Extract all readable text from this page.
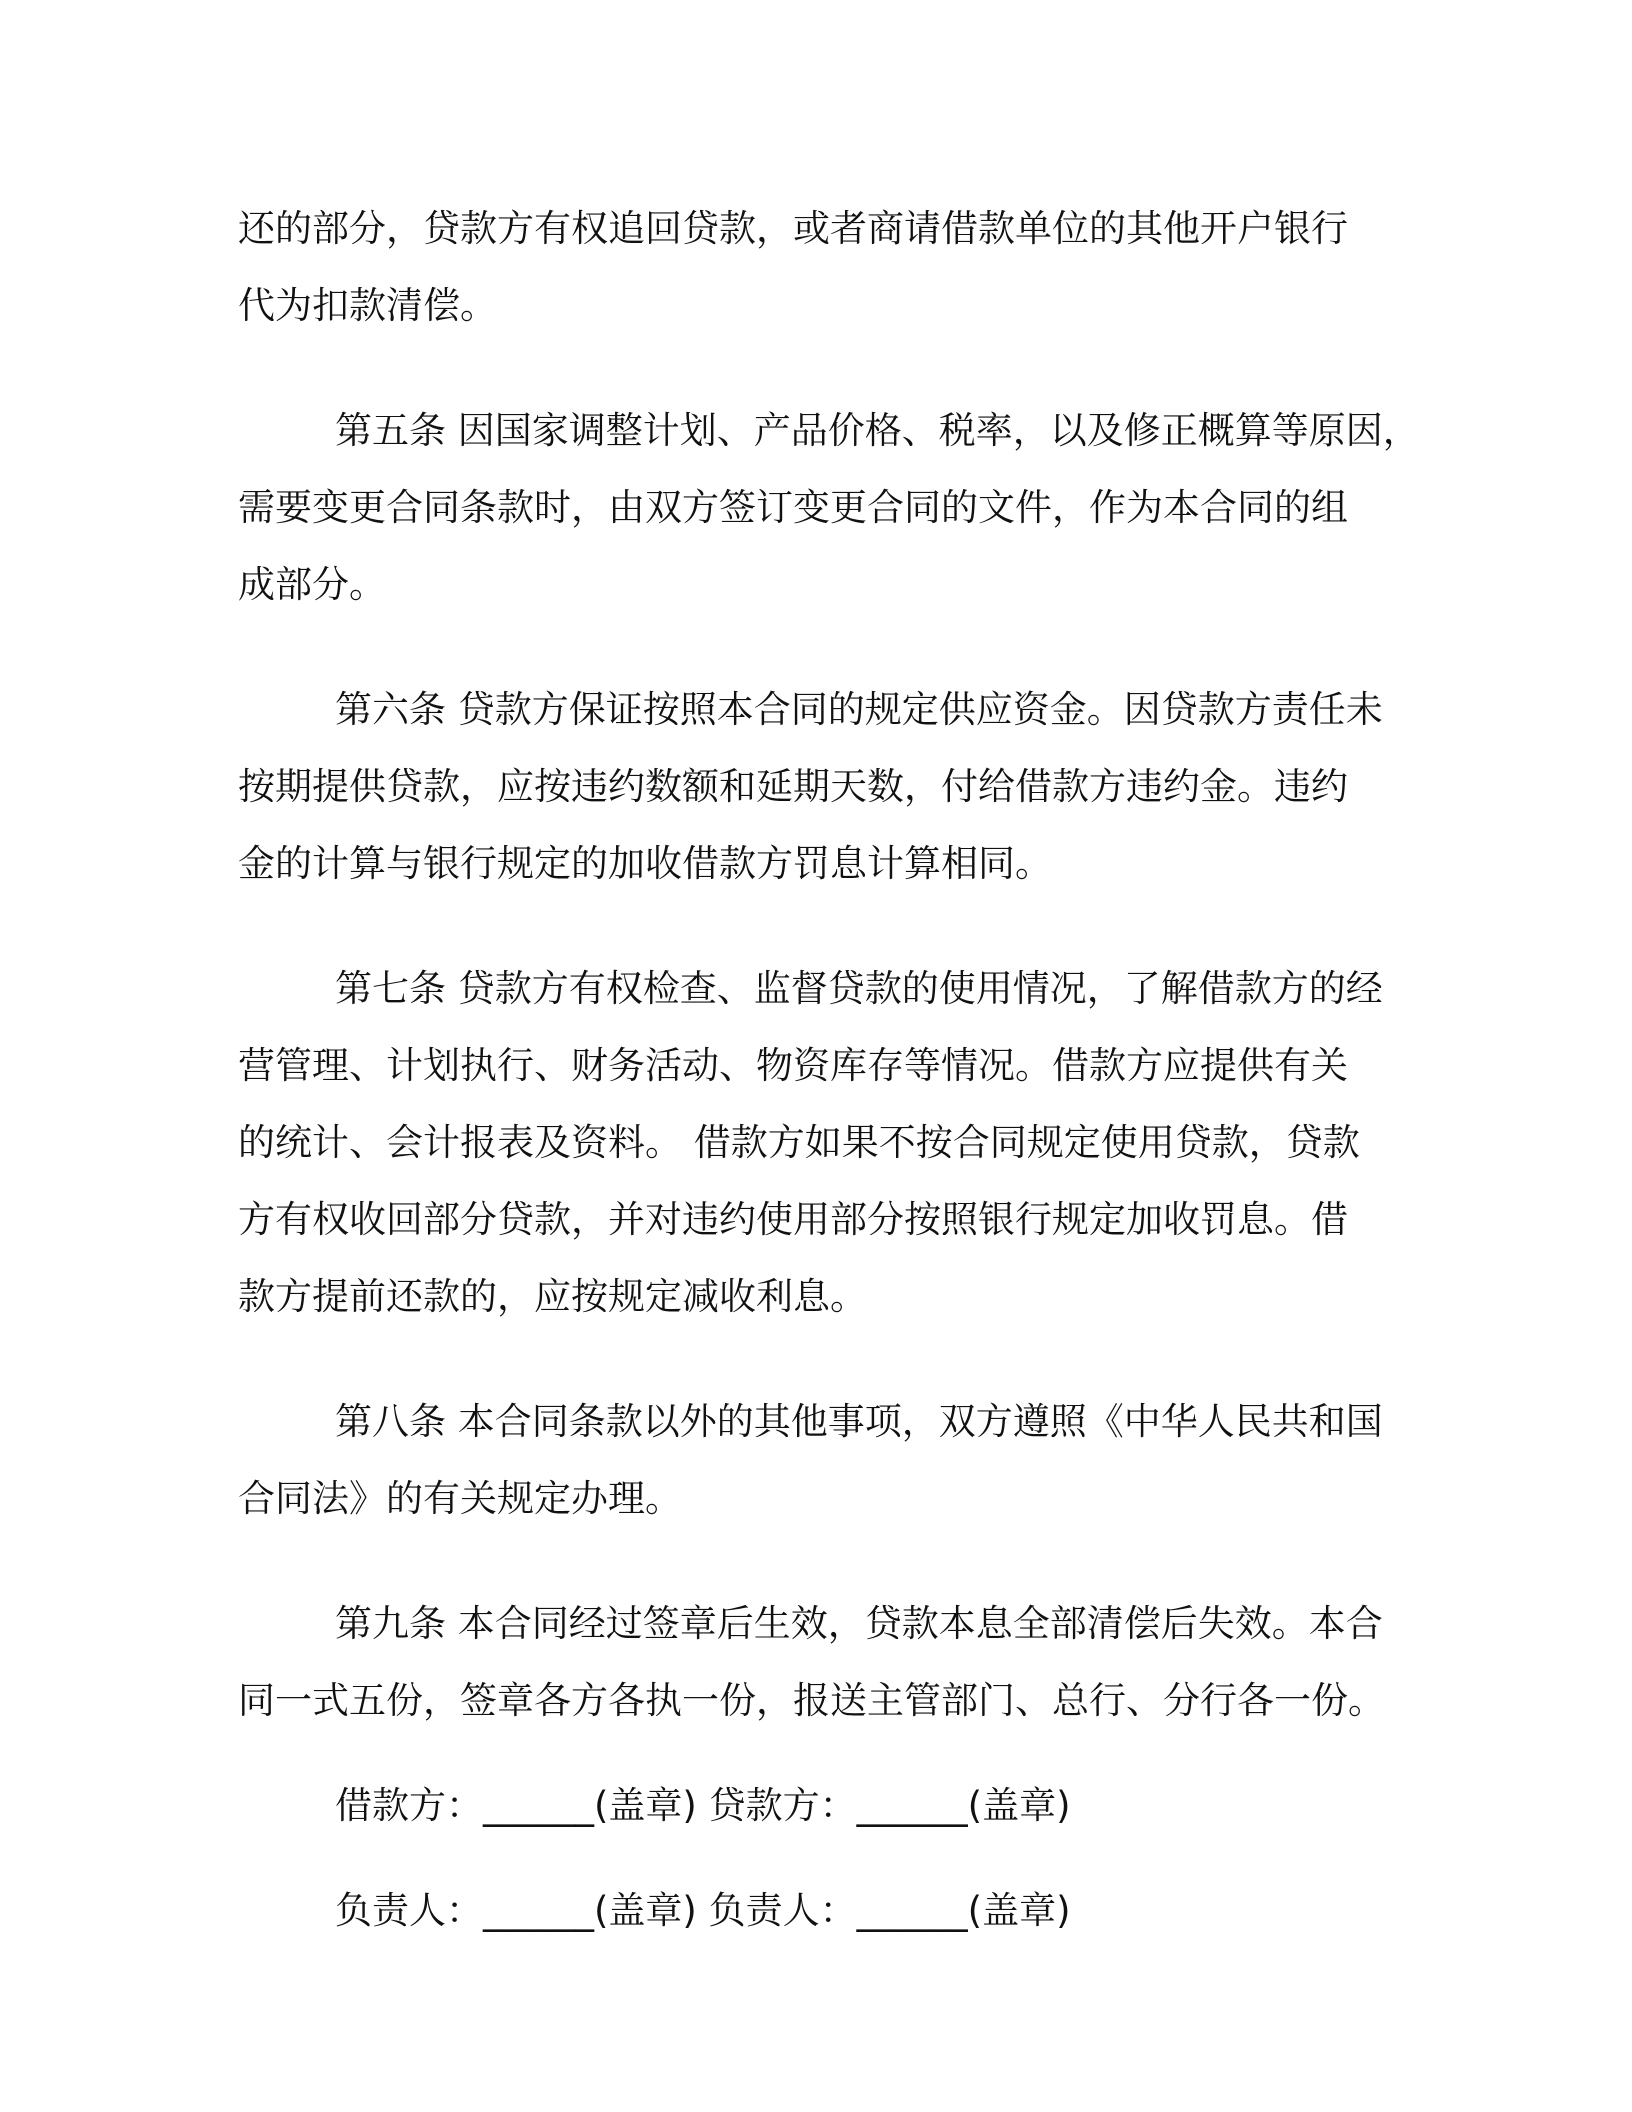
还的部分，贷款方有权追回贷款，或者商请借款单位的其他开户银行
代为扣款清偿。

第五条 因国家调整计划、产品价格、税率，以及修正概算等原因，
需要变更合同条款时，由双方签订变更合同的文件，作为本合同的组
成部分。

第六条 贷款方保证按照本合同的规定供应资金。因贷款方责任未
按期提供贷款，应按违约数额和延期天数，付给借款方违约金。违约
金的计算与银行规定的加收借款方罚息计算相同。

第七条 贷款方有权检查、监督贷款的使用情况，了解借款方的经
营管理、计划执行、财务活动、物资库存等情况。借款方应提供有关
的统计、会计报表及资料。 借款方如果不按合同规定使用贷款，贷款
方有权收回部分贷款，并对违约使用部分按照银行规定加收罚息。借
款方提前还款的，应按规定减收利息。

第八条 本合同条款以外的其他事项，双方遵照《中华人民共和国
合同法》的有关规定办理。

第九条 本合同经过签章后生效，贷款本息全部清偿后失效。本合
同一式五份，签章各方各执一份，报送主管部门、总行、分行各一份。

借款方：______(盖章) 贷款方：______(盖章)
负责人：______(盖章) 负责人：______(盖章)
